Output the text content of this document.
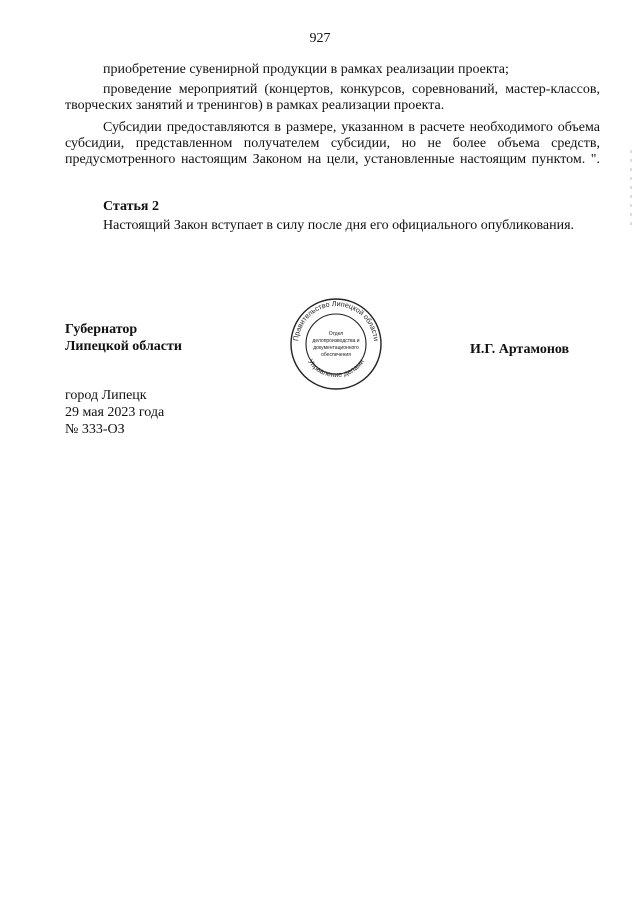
927

приобретение сувенирной продукции в рамках реализации проекта;

проведение мероприятий (концертов, конкурсов, соревнований, мастер-классов, творческих занятий и тренингов) в рамках реализации проекта.

Субсидии предоставляются в размере, указанном в расчете необходимого объема субсидии, представленном получателем субсидии, но не более объема средств, предусмотренного настоящим Законом на цели, установленные настоящим пунктом. ".

Статья 2

Настоящий Закон вступает в силу после дня его официального опубликования.

Губернатор
Липецкой области
Правительство Липецкой области
Управление делами
Отдел
делопроизводства и
документационного
обеспечения	И.Г. Артамонов
город Липецк
29 мая 2023 года
№ 333-ОЗ
